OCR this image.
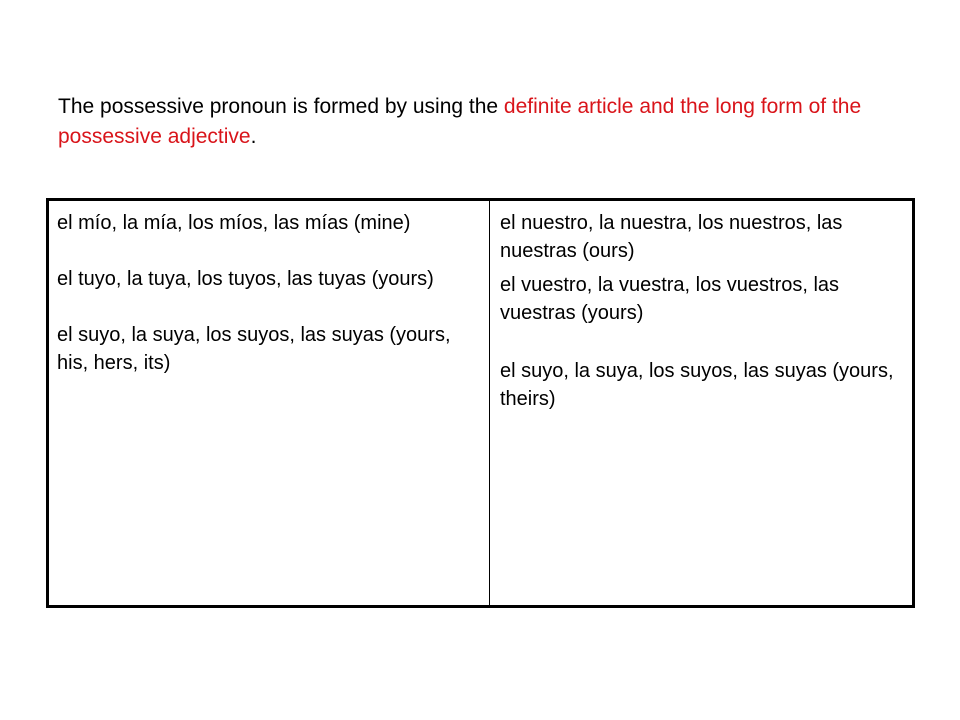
The possessive pronoun is formed by using the definite article and the long form of the possessive adjective.

el mío, la mía, los míos, las mías (mine)

el tuyo, la tuya, los tuyos, las tuyas (yours)

el suyo, la suya, los suyos, las suyas (yours, his, hers, its)

el nuestro, la nuestra, los nuestros, las nuestras (ours)

el vuestro, la vuestra, los vuestros, las vuestras (yours)

el suyo, la suya, los suyos, las suyas (yours, theirs)
